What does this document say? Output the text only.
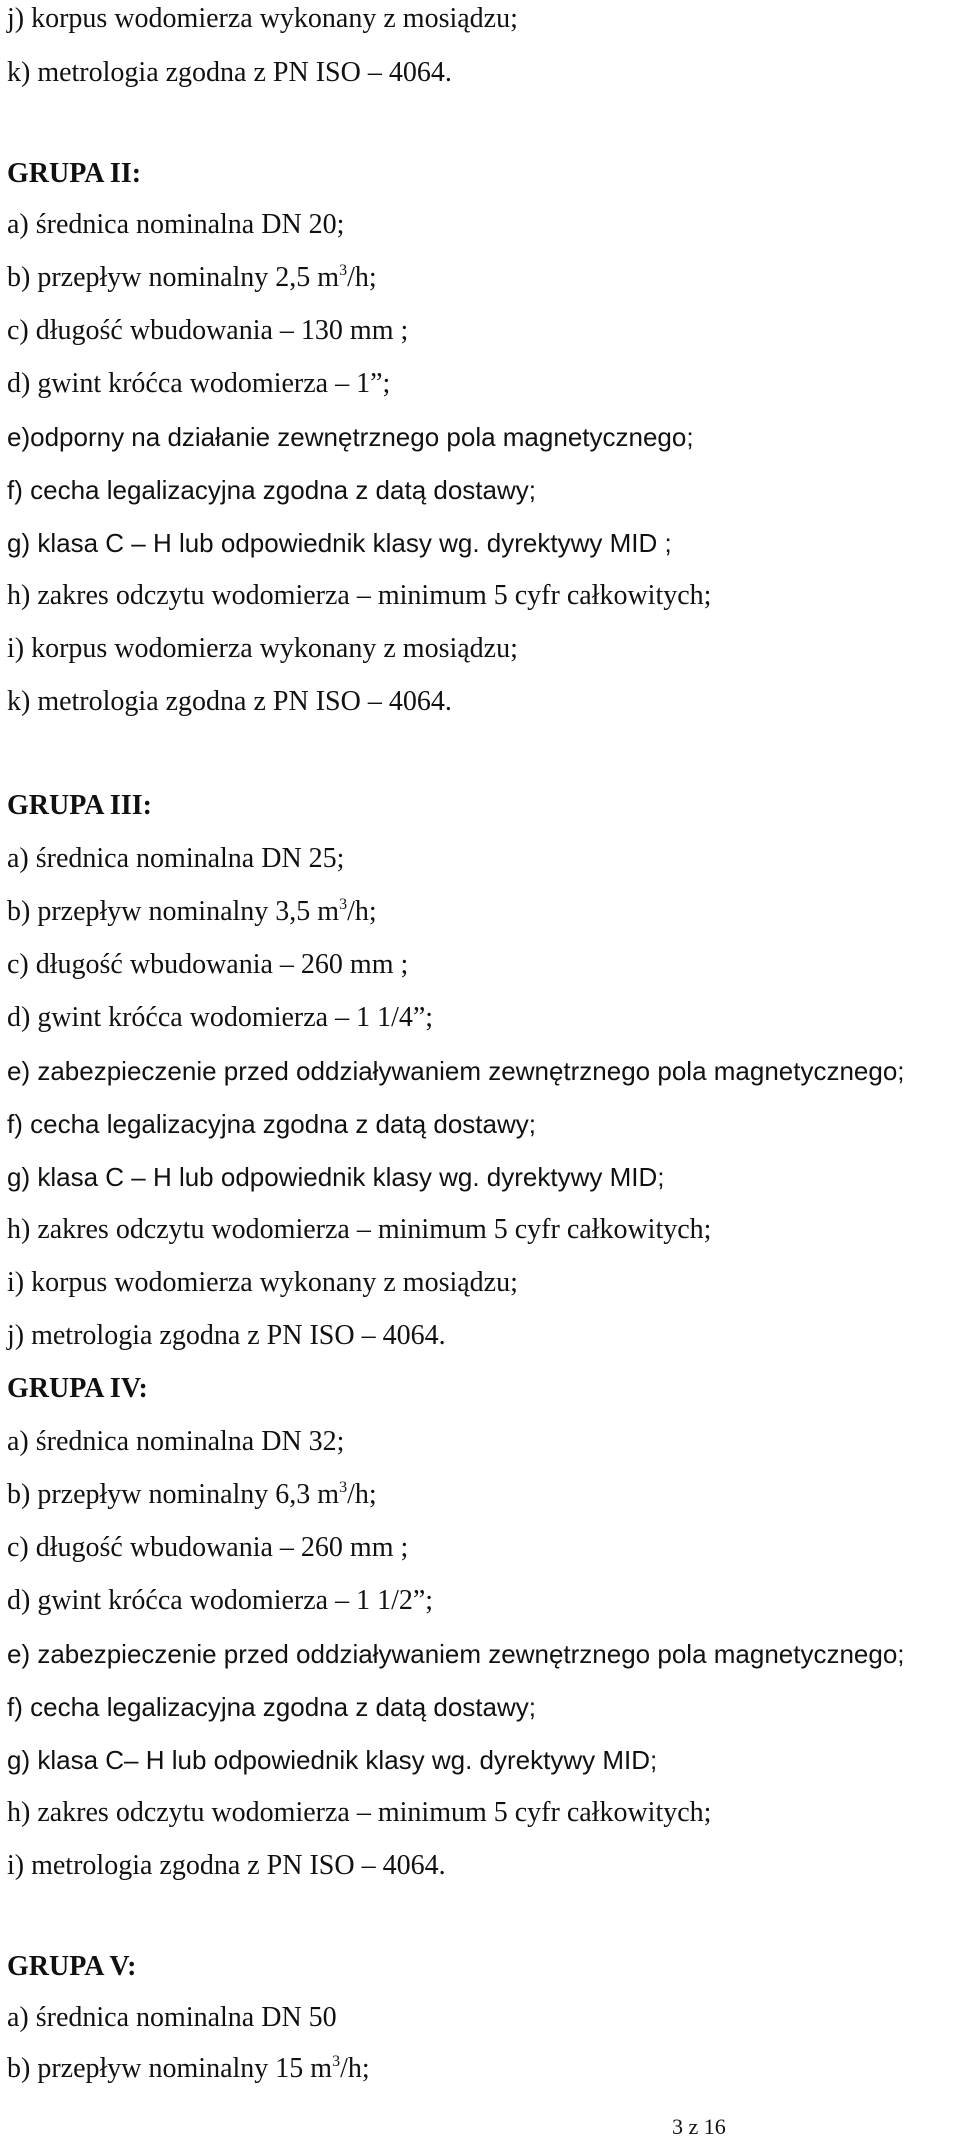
j) korpus wodomierza wykonany z mosiądzu;
k) metrologia zgodna z PN ISO – 4064.
GRUPA II:
a) średnica nominalna DN 20;
b) przepływ nominalny 2,5 $m^3/h$;
c) długość wbudowania – 130 mm ;
d) gwint króćca wodomierza – 1”;
e)odporny na działanie zewnętrznego pola magnetycznego;
f) cecha legalizacyjna zgodna z datą dostawy;
g) klasa C – H lub odpowiednik klasy wg. dyrektywy MID ;
h) zakres odczytu wodomierza – minimum 5 cyfr całkowitych;
i) korpus wodomierza wykonany z mosiądzu;
k) metrologia zgodna z PN ISO – 4064.
GRUPA III:
a) średnica nominalna DN 25;
b) przepływ nominalny 3,5 $m^3/h$;
c) długość wbudowania – 260 mm ;
d) gwint króćca wodomierza – 1 1/4”;
e) zabezpieczenie przed oddziaływaniem zewnętrznego pola magnetycznego;
f) cecha legalizacyjna zgodna z datą dostawy;
g) klasa C – H lub odpowiednik klasy wg. dyrektywy MID;
h) zakres odczytu wodomierza – minimum 5 cyfr całkowitych;
i) korpus wodomierza wykonany z mosiądzu;
j) metrologia zgodna z PN ISO – 4064.
GRUPA IV:
a) średnica nominalna DN 32;
b) przepływ nominalny 6,3 $m^3/h$;
c) długość wbudowania – 260 mm ;
d) gwint króćca wodomierza – 1 1/2”;
e) zabezpieczenie przed oddziaływaniem zewnętrznego pola magnetycznego;
f) cecha legalizacyjna zgodna z datą dostawy;
g) klasa C– H lub odpowiednik klasy wg. dyrektywy MID;
h) zakres odczytu wodomierza – minimum 5 cyfr całkowitych;
i) metrologia zgodna z PN ISO – 4064.
GRUPA V:
a) średnica nominalna DN 50
b) przepływ nominalny 15 $m^3/h$;
3 z 16
